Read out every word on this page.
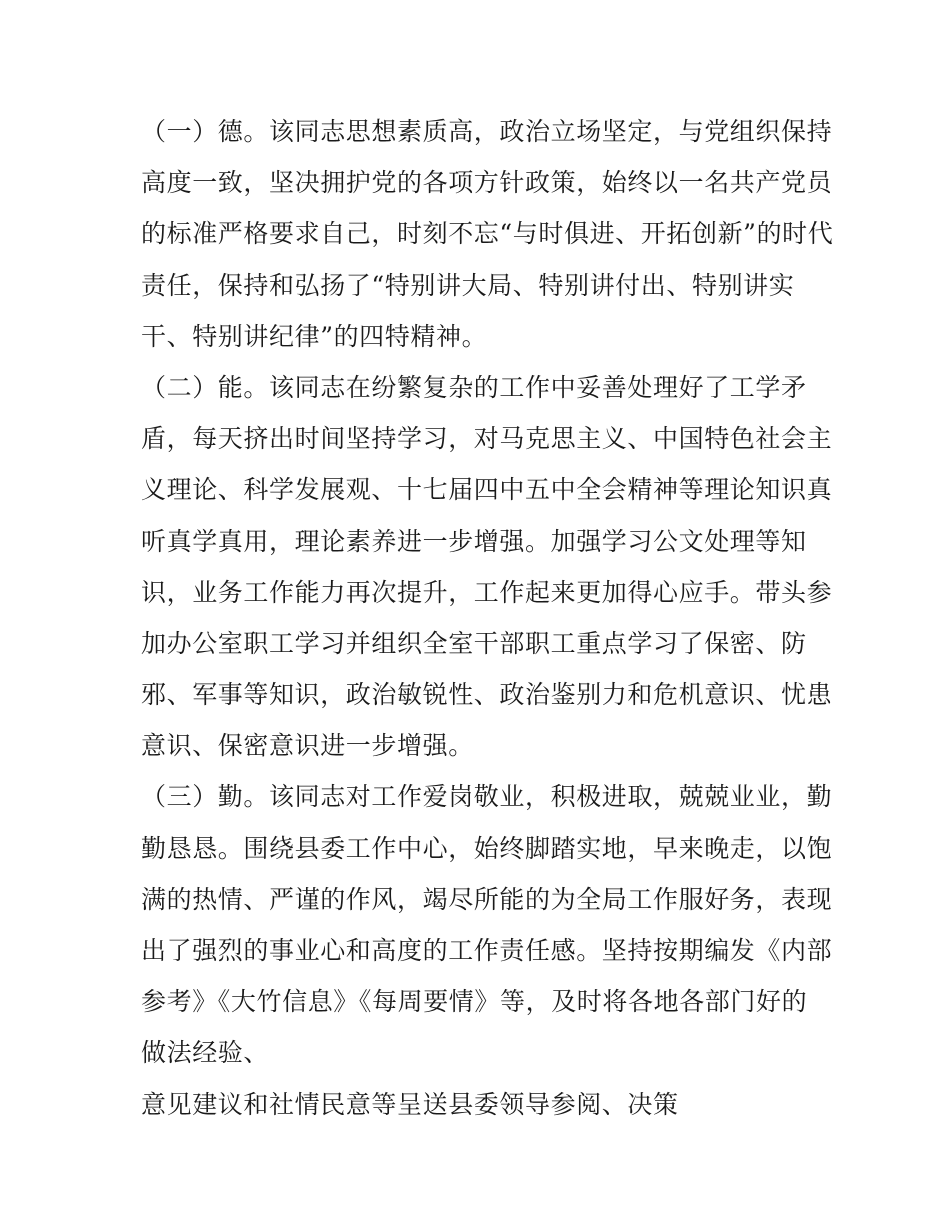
（一）德。该同志思想素质高，政治立场坚定，与党组织保持
高度一致，坚决拥护党的各项方针政策，始终以一名共产党员
的标准严格要求自己，时刻不忘“与时俱进、开拓创新”的时代
责任，保持和弘扬了“特别讲大局、特别讲付出、特别讲实
干、特别讲纪律”的四特精神。
（二）能。该同志在纷繁复杂的工作中妥善处理好了工学矛
盾，每天挤出时间坚持学习，对马克思主义、中国特色社会主
义理论、科学发展观、十七届四中五中全会精神等理论知识真
听真学真用，理论素养进一步增强。加强学习公文处理等知
识，业务工作能力再次提升，工作起来更加得心应手。带头参
加办公室职工学习并组织全室干部职工重点学习了保密、防
邪、军事等知识，政治敏锐性、政治鉴别力和危机意识、忧患
意识、保密意识进一步增强。
（三）勤。该同志对工作爱岗敬业，积极进取，兢兢业业，勤
勤恳恳。围绕县委工作中心，始终脚踏实地，早来晚走，以饱
满的热情、严谨的作风，竭尽所能的为全局工作服好务，表现
出了强烈的事业心和高度的工作责任感。坚持按期编发《内部
参考》《大竹信息》《每周要情》等，及时将各地各部门好的
做法经验、
意见建议和社情民意等呈送县委领导参阅、决策
